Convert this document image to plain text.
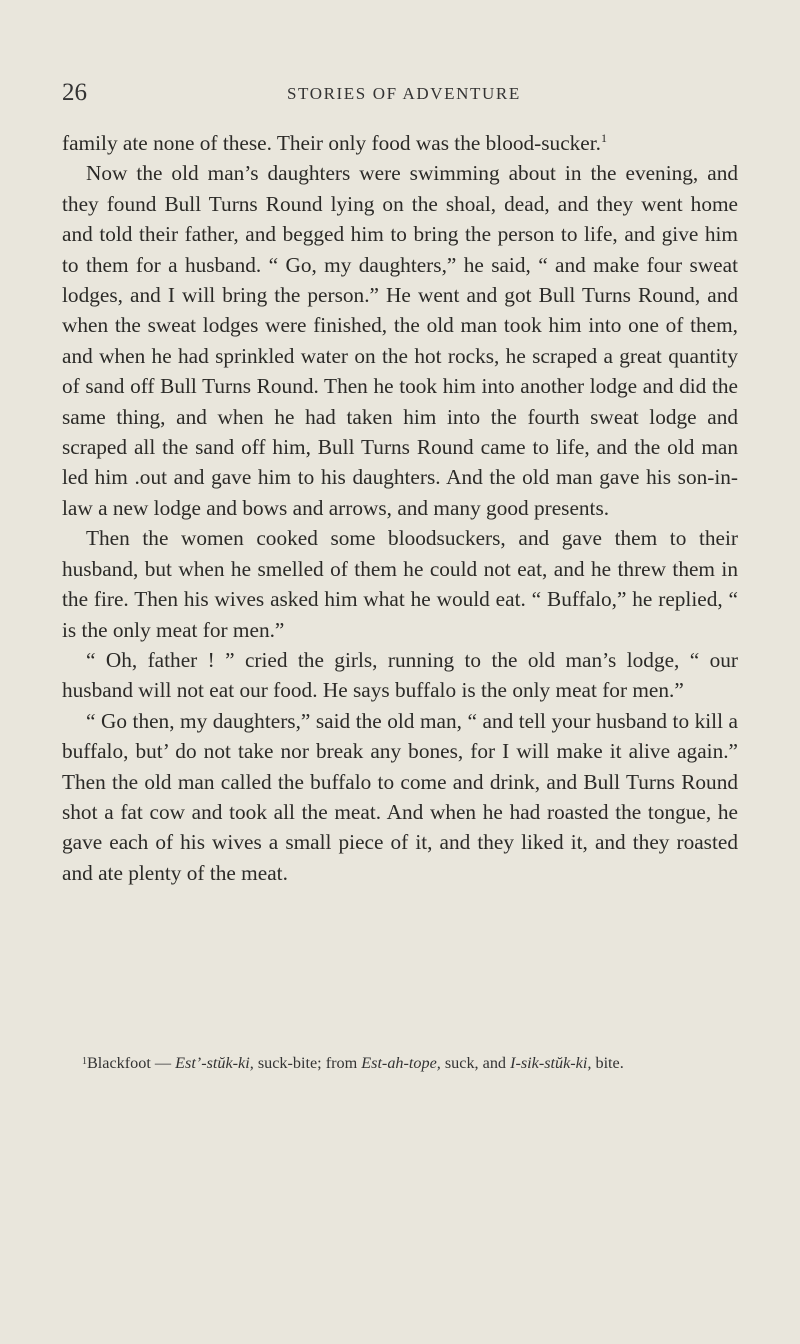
26	STORIES OF ADVENTURE

family ate none of these. Their only food was the blood-sucker.$^1$

Now the old man’s daughters were swimming about in the evening, and they found Bull Turns Round lying on the shoal, dead, and they went home and told their father, and begged him to bring the person to life, and give him to them for a husband. “ Go, my daughters,” he said, “ and make four sweat lodges, and I will bring the person.” He went and got Bull Turns Round, and when the sweat lodges were finished, the old man took him into one of them, and when he had sprinkled water on the hot rocks, he scraped a great quantity of sand off Bull Turns Round. Then he took him into another lodge and did the same thing, and when he had taken him into the fourth sweat lodge and scraped all the sand off him, Bull Turns Round came to life, and the old man led him .out and gave him to his daughters. And the old man gave his son-in-law a new lodge and bows and arrows, and many good presents.

Then the women cooked some bloodsuckers, and gave them to their husband, but when he smelled of them he could not eat, and he threw them in the fire. Then his wives asked him what he would eat. “ Buffalo,” he replied, “ is the only meat for men.”

“ Oh, father ! ” cried the girls, running to the old man’s lodge, “ our husband will not eat our food. He says buffalo is the only meat for men.”

“ Go then, my daughters,” said the old man, “ and tell your husband to kill a buffalo, but’ do not take nor break any bones, for I will make it alive again.” Then the old man called the buffalo to come and drink, and Bull Turns Round shot a fat cow and took all the meat. And when he had roasted the tongue, he gave each of his wives a small piece of it, and they liked it, and they roasted and ate plenty of the meat.

$^1$Blackfoot — Est’-stŭk-ki, suck-bite; from Est-ah-tope, suck, and I-sik-stŭk-ki, bite.
